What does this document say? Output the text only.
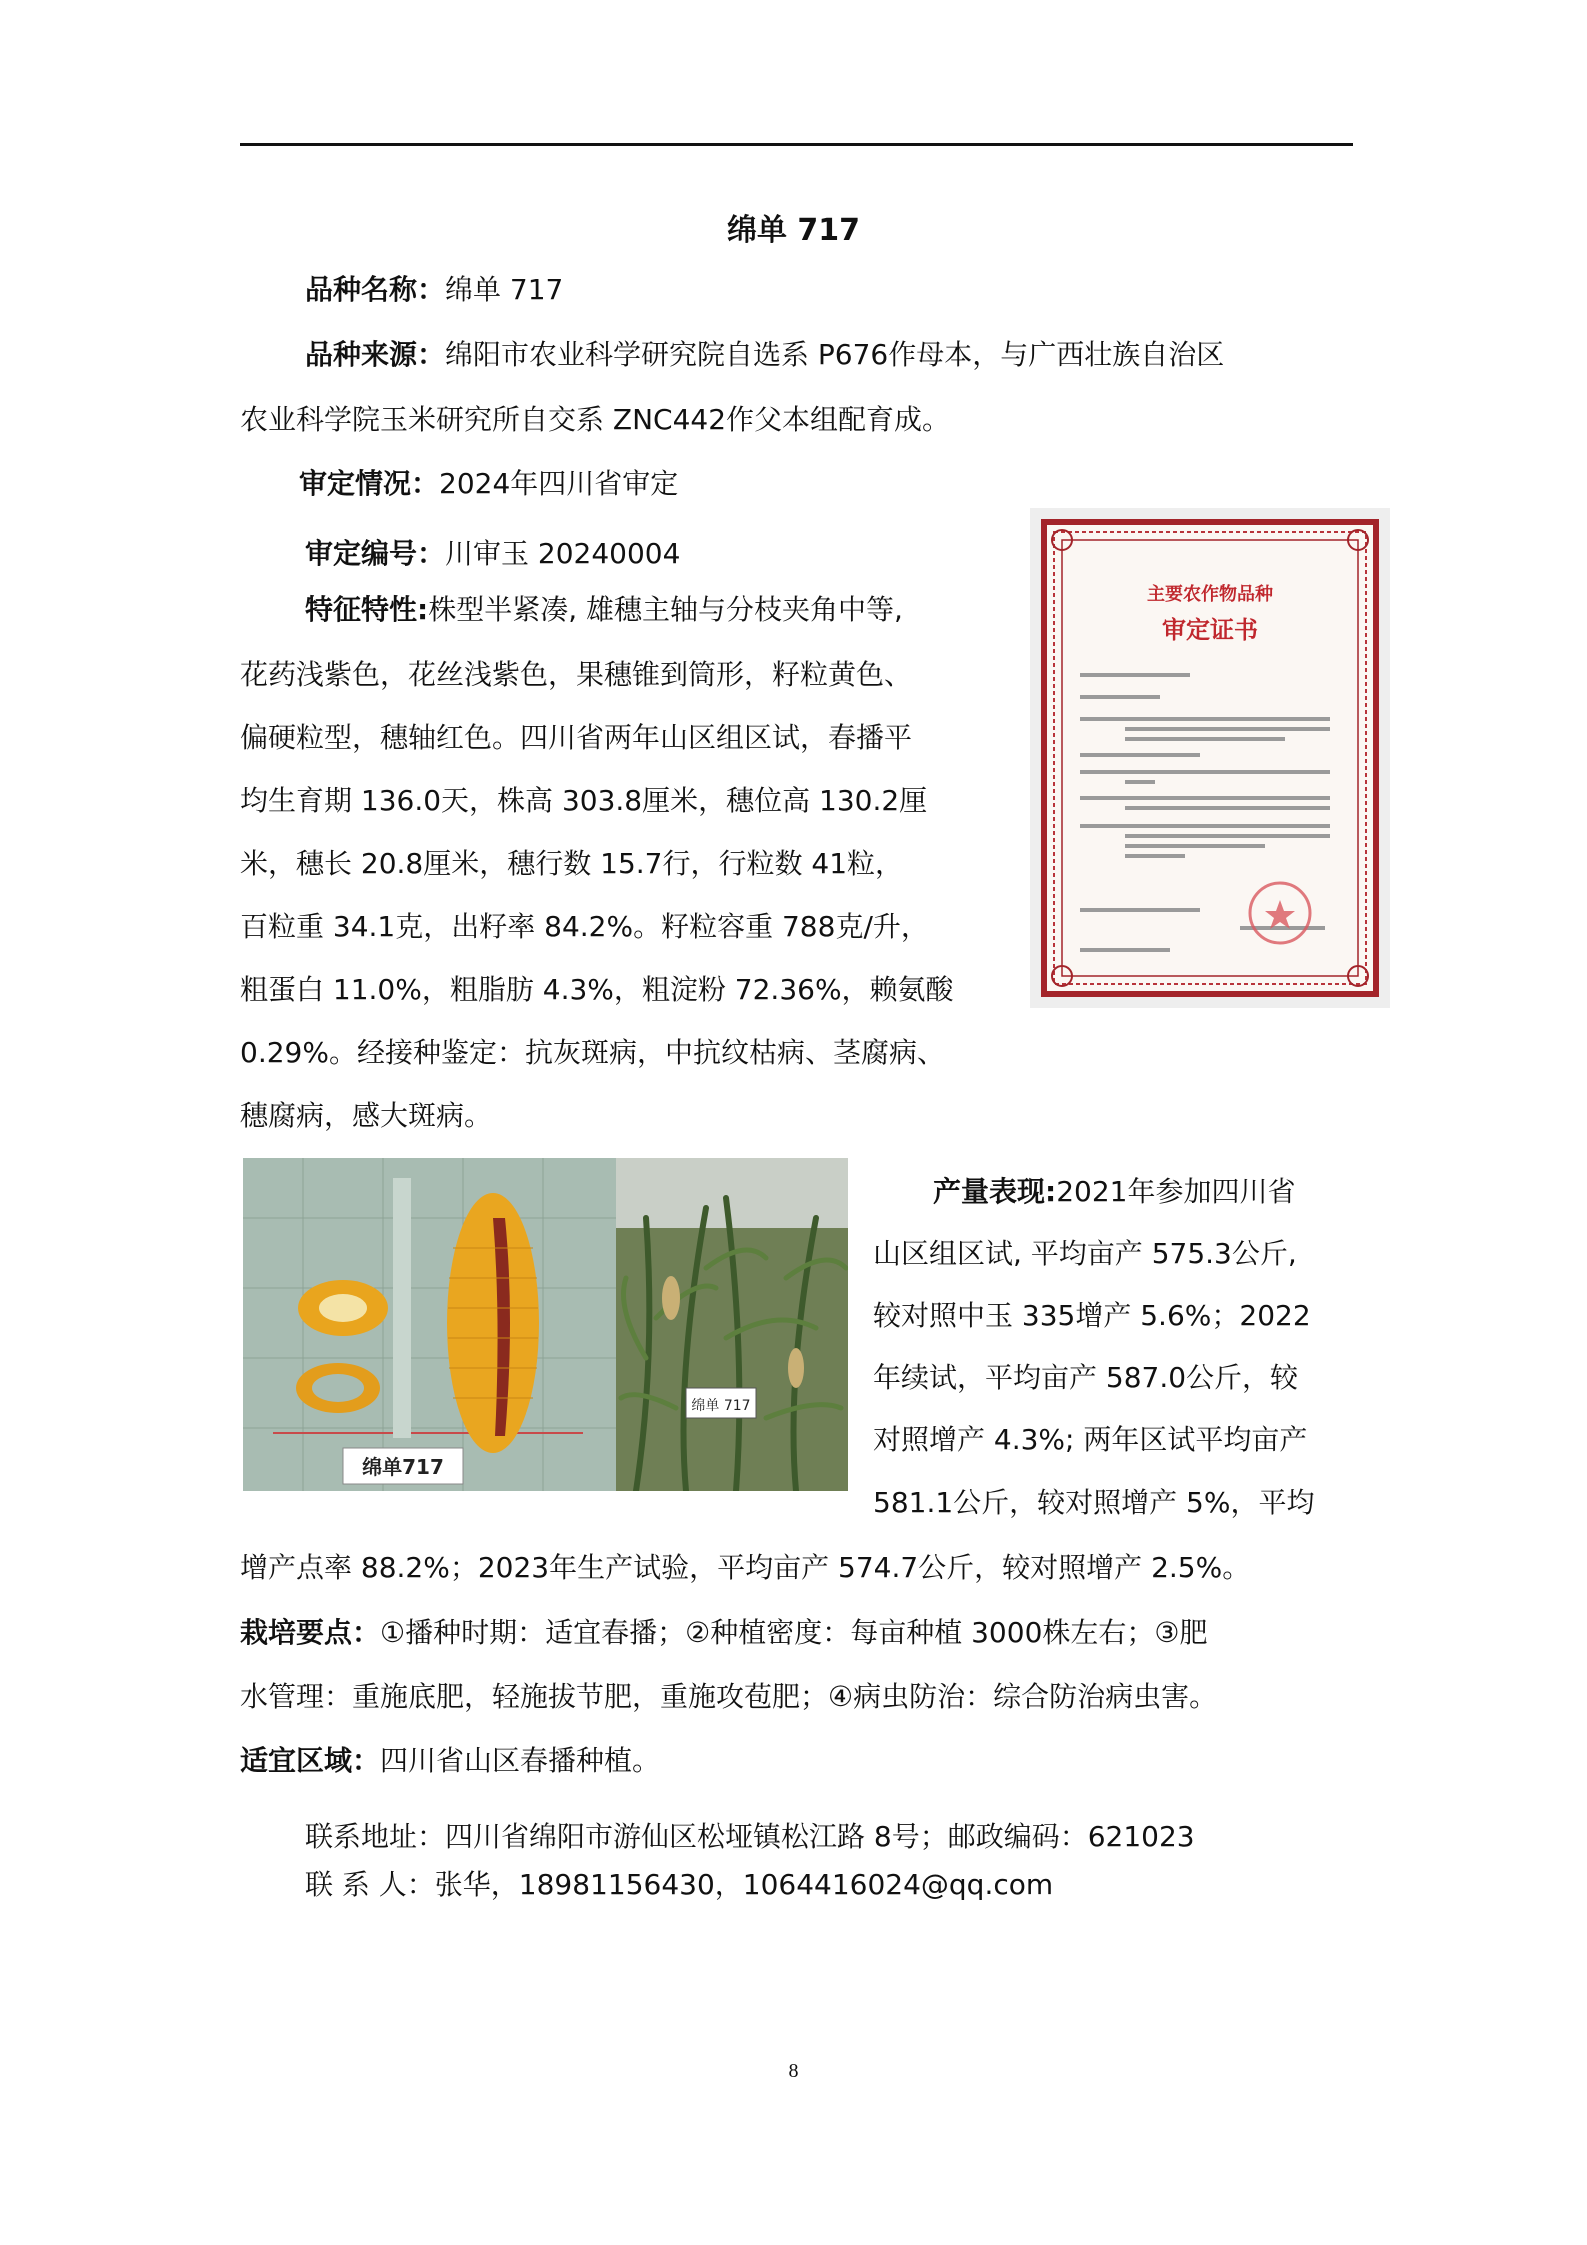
绵单 717
品种名称：绵单 717
品种来源：绵阳市农业科学研究院自选系 P676作母本，与广西壮族自治区
农业科学院玉米研究所自交系 ZNC442作父本组配育成。
审定情况：2024年四川省审定
审定编号：川审玉 20240004
特征特性:株型半紧凑, 雄穗主轴与分枝夹角中等,
花药浅紫色，花丝浅紫色，果穗锥到筒形，籽粒黄色、
偏硬粒型，穗轴红色。四川省两年山区组区试，春播平
均生育期 136.0天，株高 303.8厘米，穗位高 130.2厘
米，穗长 20.8厘米，穗行数 15.7行，行粒数 41粒，
百粒重 34.1克，出籽率 84.2%。籽粒容重 788克/升，
粗蛋白 11.0%，粗脂肪 4.3%，粗淀粉 72.36%，赖氨酸
0.29%。经接种鉴定：抗灰斑病，中抗纹枯病、茎腐病、
穗腐病，感大斑病。
主要农作物品种
审定证书
绵单717
绵单 717
产量表现:2021年参加四川省
山区组区试, 平均亩产 575.3公斤,
较对照中玉 335增产 5.6%；2022
年续试，平均亩产 587.0公斤，较
对照增产 4.3%; 两年区试平均亩产
581.1公斤，较对照增产 5%，平均
增产点率 88.2%；2023年生产试验，平均亩产 574.7公斤，较对照增产 2.5%。
栽培要点：①播种时期：适宜春播；②种植密度：每亩种植 3000株左右；③肥
水管理：重施底肥，轻施拔节肥，重施攻苞肥；④病虫防治：综合防治病虫害。
适宜区域：四川省山区春播种植。
联系地址：四川省绵阳市游仙区松垭镇松江路 8号；邮政编码：621023
联 系 人：张华，18981156430，1064416024@qq.com
8
